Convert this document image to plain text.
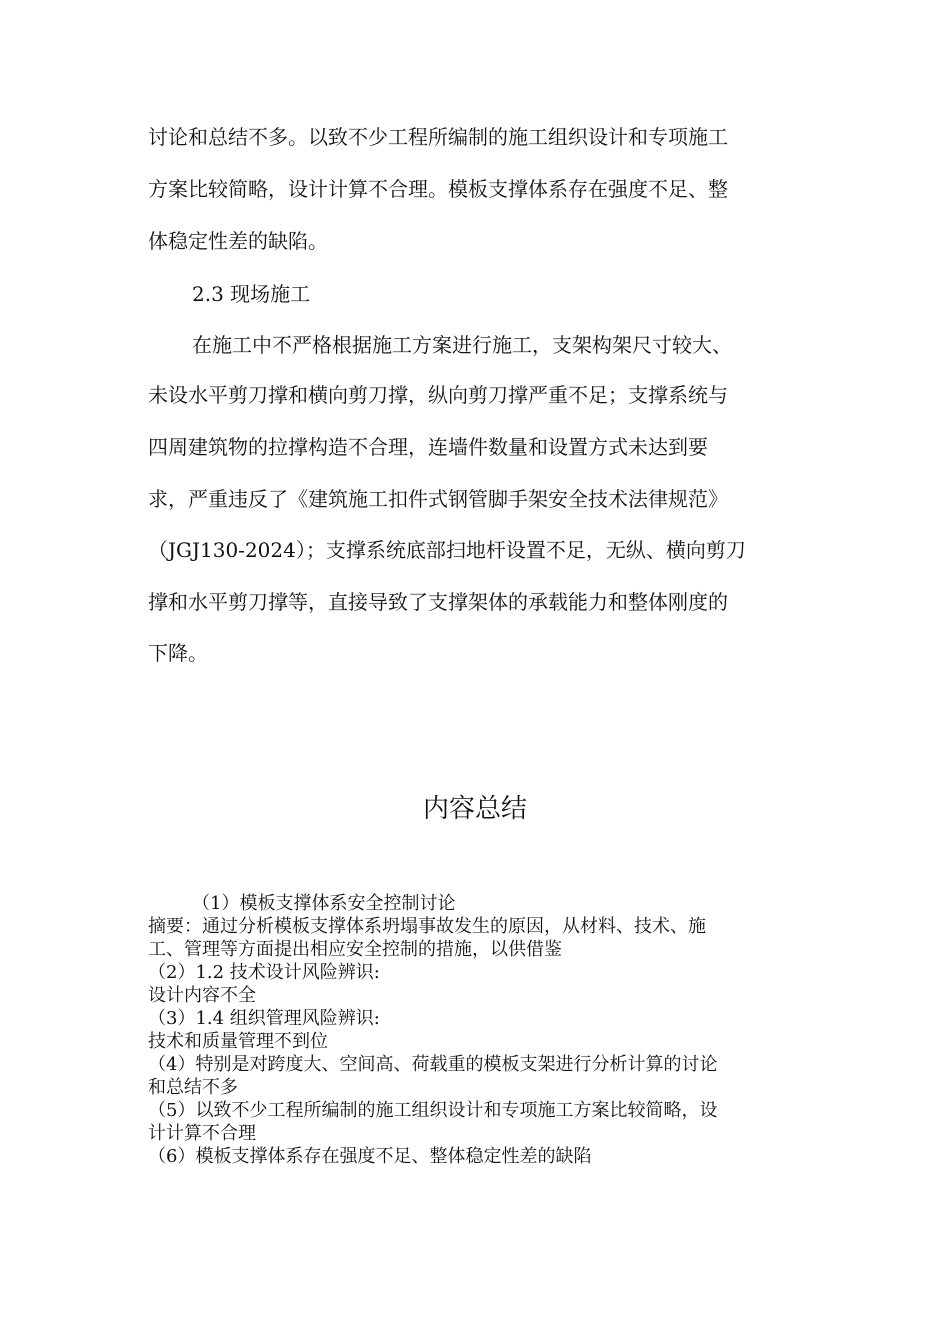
讨论和总结不多。以致不少工程所编制的施工组织设计和专项施工
方案比较简略，设计计算不合理。模板支撑体系存在强度不足、整
体稳定性差的缺陷。
2.3 现场施工
在施工中不严格根据施工方案进行施工，支架构架尺寸较大、
未设水平剪刀撑和横向剪刀撑，纵向剪刀撑严重不足；支撑系统与
四周建筑物的拉撑构造不合理，连墙件数量和设置方式未达到要
求，严重违反了《建筑施工扣件式钢管脚手架安全技术法律规范》
（JGJ130-2024）；支撑系统底部扫地杆设置不足，无纵、横向剪刀
撑和水平剪刀撑等，直接导致了支撑架体的承载能力和整体刚度的
下降。
内容总结
（1）模板支撑体系安全控制讨论
摘要：通过分析模板支撑体系坍塌事故发生的原因，从材料、技术、施
工、管理等方面提出相应安全控制的措施，以供借鉴
（2）1.2 技术设计风险辨识:
设计内容不全
（3）1.4 组织管理风险辨识:
技术和质量管理不到位
（4）特别是对跨度大、空间高、荷载重的模板支架进行分析计算的讨论
和总结不多
（5）以致不少工程所编制的施工组织设计和专项施工方案比较简略，设
计计算不合理
（6）模板支撑体系存在强度不足、整体稳定性差的缺陷
